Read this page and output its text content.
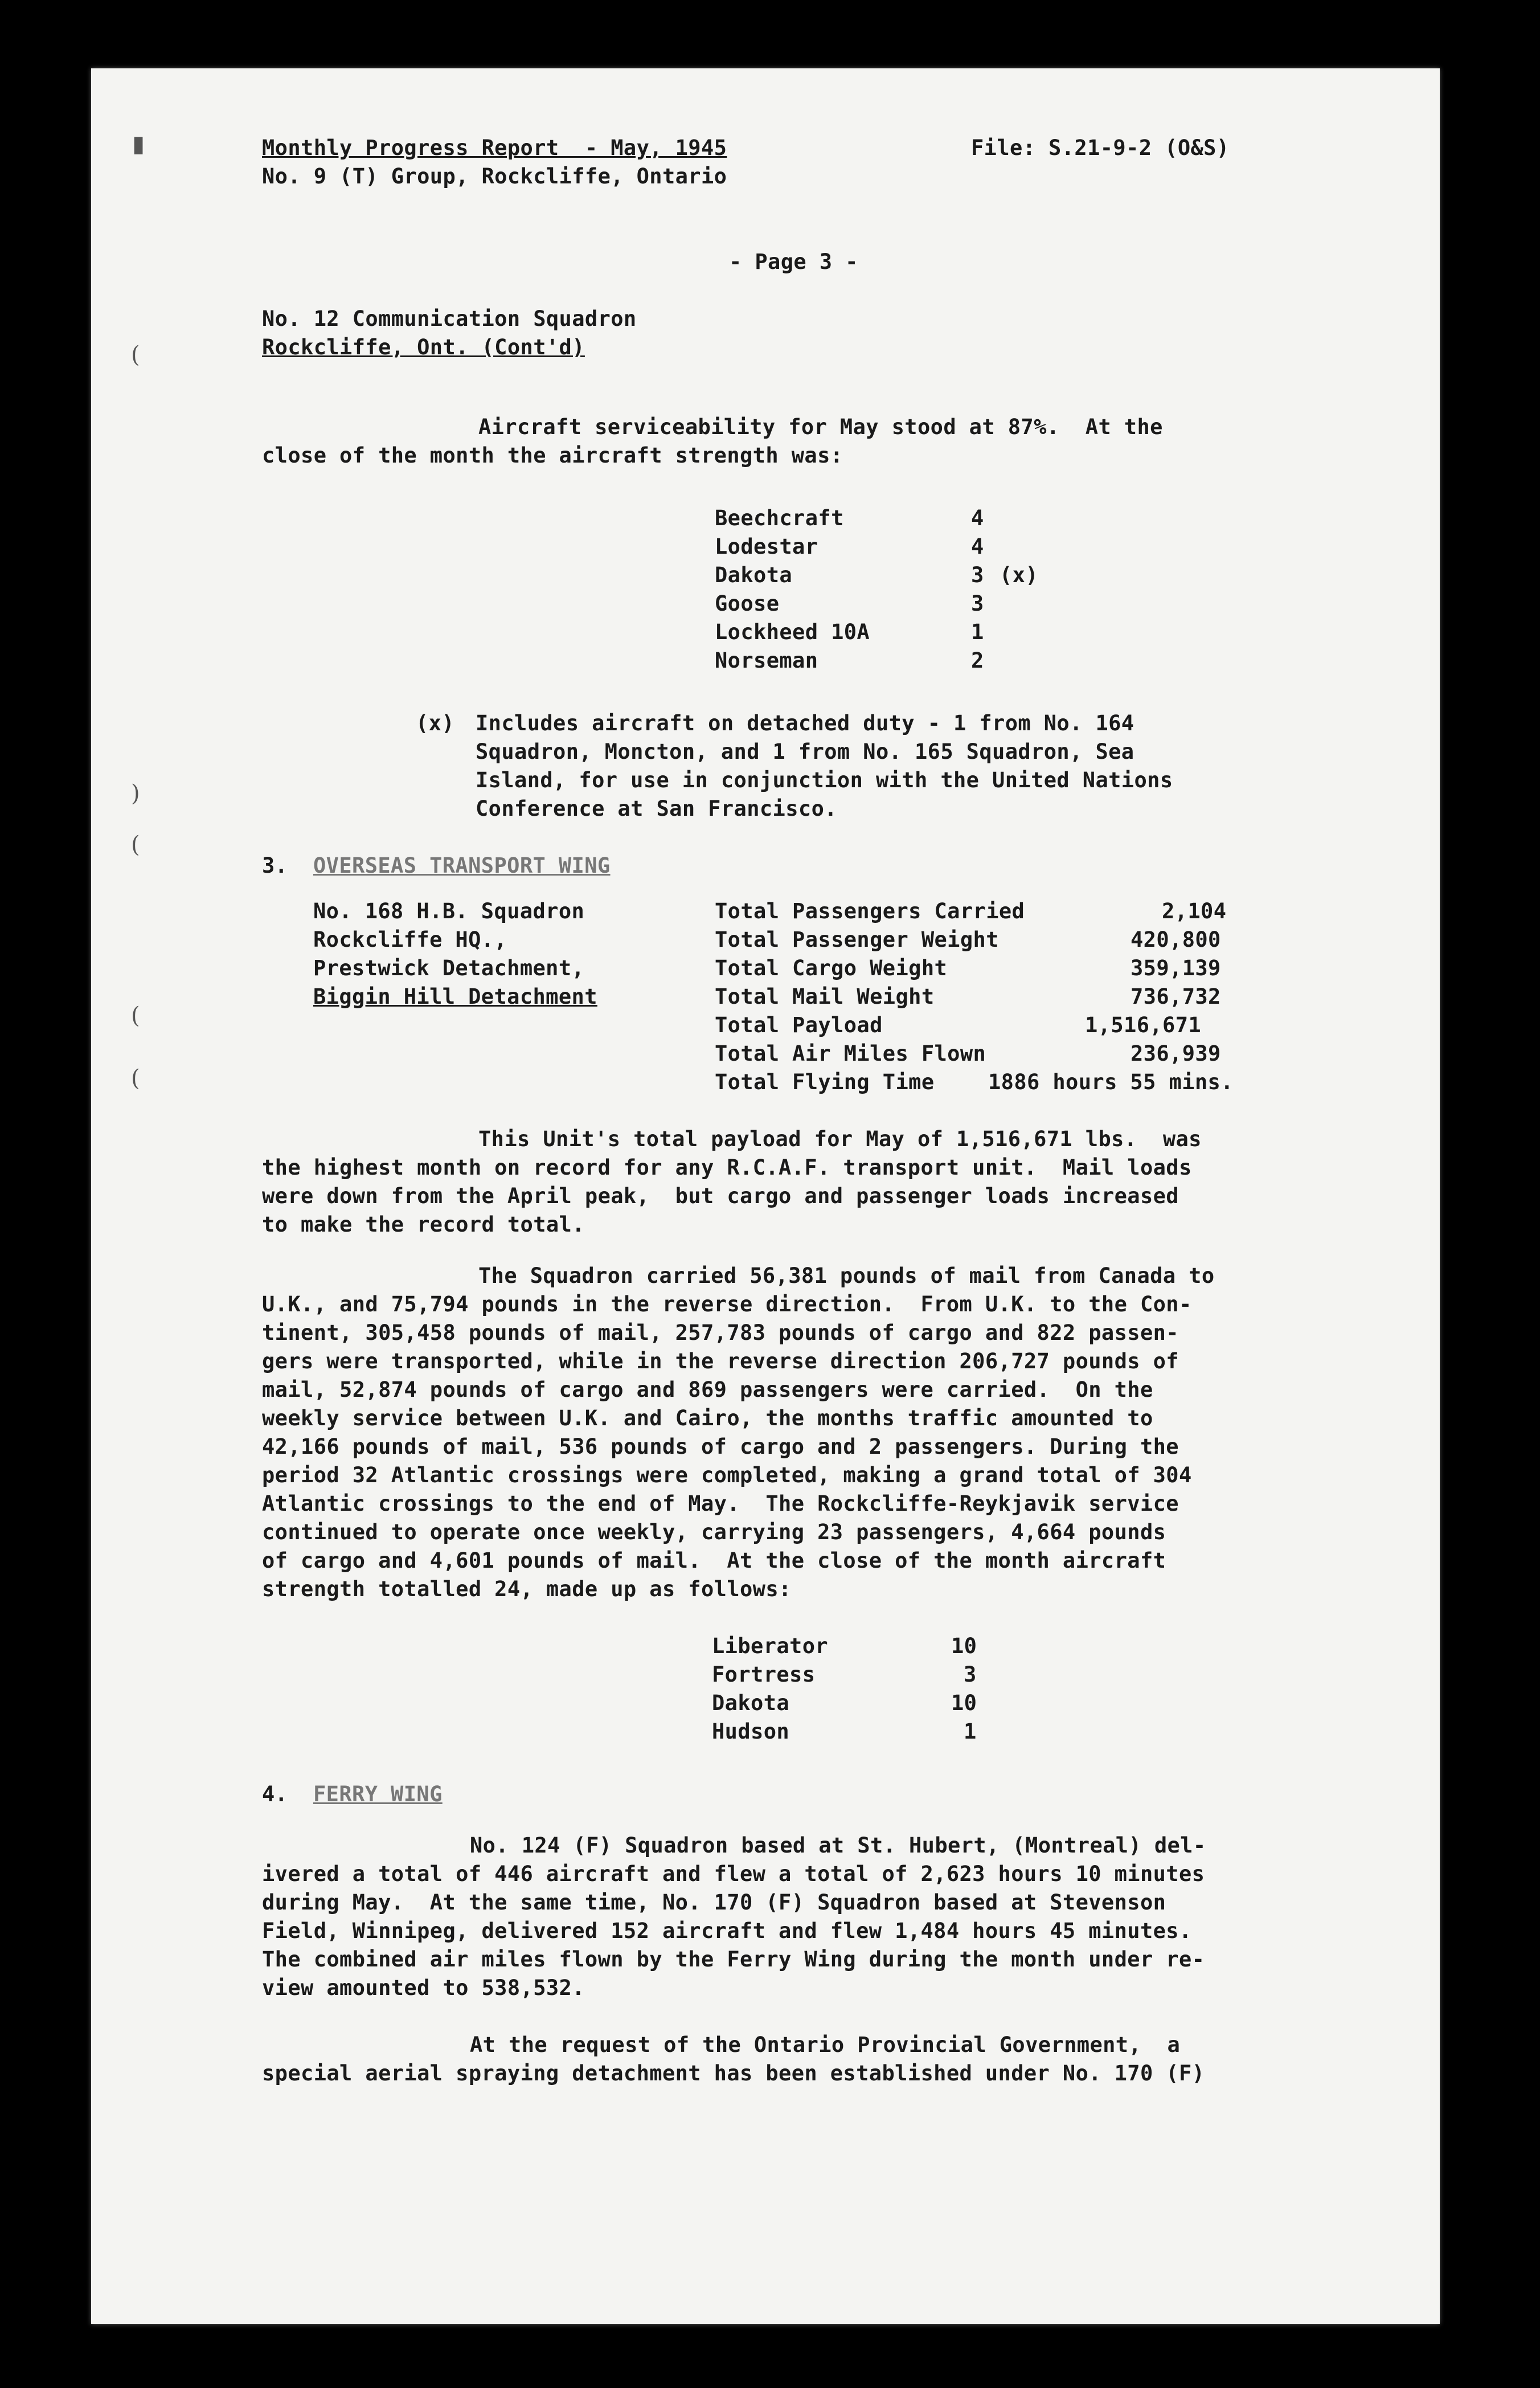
▮
(
)
(
(
(
Monthly Progress Report  - May, 1945
No. 9 (T) Group, Rockcliffe, Ontario
File: S.21-9-2 (O&S)
- Page 3 -
No. 12 Communication Squadron
Rockcliffe, Ont. (Cont'd)
Aircraft serviceability for May stood at 87%.  At the
close of the month the aircraft strength was:
Beechcraft	4
Lodestar	4
Dakota	3 (x)
Goose	3
Lockheed 10A	1
Norseman	2
(x) Includes aircraft on detached duty - 1 from No. 164
Squadron, Moncton, and 1 from No. 165 Squadron, Sea
Island, for use in conjunction with the United Nations
Conference at San Francisco.
3. OVERSEAS TRANSPORT WING
No. 168 H.B. Squadron
Rockcliffe HQ.,
Prestwick Detachment,
Biggin Hill Detachment
Total Passengers Carried	2,104
Total Passenger Weight	420,800
Total Cargo Weight	359,139
Total Mail Weight	736,732
Total Payload	1,516,671
Total Air Miles Flown	236,939
Total Flying Time	1886 hours 55 mins.
This Unit's total payload for May of 1,516,671 lbs.  was
the highest month on record for any R.C.A.F. transport unit.  Mail loads
were down from the April peak,  but cargo and passenger loads increased
to make the record total.
The Squadron carried 56,381 pounds of mail from Canada to
U.K., and 75,794 pounds in the reverse direction.  From U.K. to the Con-
tinent, 305,458 pounds of mail, 257,783 pounds of cargo and 822 passen-
gers were transported, while in the reverse direction 206,727 pounds of
mail, 52,874 pounds of cargo and 869 passengers were carried.  On the
weekly service between U.K. and Cairo, the months traffic amounted to
42,166 pounds of mail, 536 pounds of cargo and 2 passengers. During the
period 32 Atlantic crossings were completed, making a grand total of 304
Atlantic crossings to the end of May.  The Rockcliffe-Reykjavik service
continued to operate once weekly, carrying 23 passengers, 4,664 pounds
of cargo and 4,601 pounds of mail.  At the close of the month aircraft
strength totalled 24, made up as follows:
Liberator	10
Fortress	3
Dakota	10
Hudson	1
4. FERRY WING
No. 124 (F) Squadron based at St. Hubert, (Montreal) del-
ivered a total of 446 aircraft and flew a total of 2,623 hours 10 minutes
during May.  At the same time, No. 170 (F) Squadron based at Stevenson
Field, Winnipeg, delivered 152 aircraft and flew 1,484 hours 45 minutes.
The combined air miles flown by the Ferry Wing during the month under re-
view amounted to 538,532.
At the request of the Ontario Provincial Government,  a
special aerial spraying detachment has been established under No. 170 (F)
